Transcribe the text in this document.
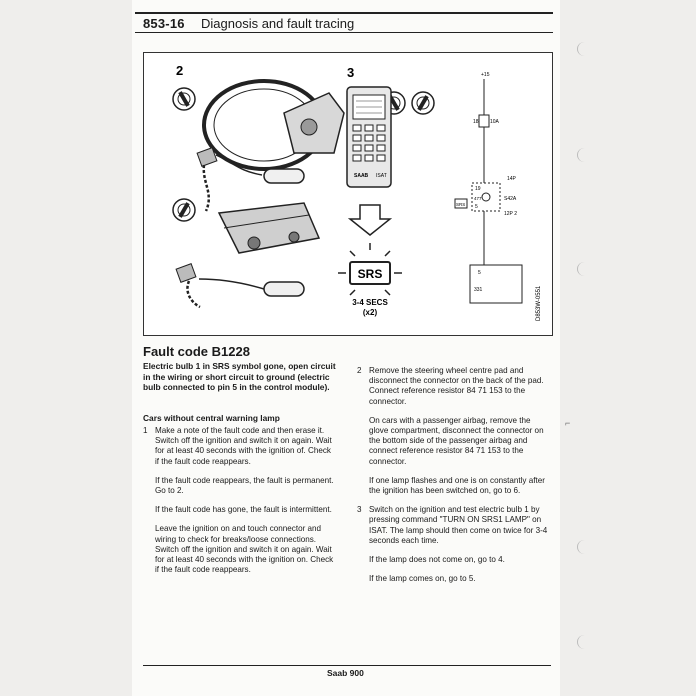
853-16 Diagnosis and fault tracing
2	3
SAAB ISAT
SRS
3-4 SECS
(x2)
+15
18 10A
14P
19
477	S42A
5
12P 2
SRS
5
331	D853W-0551
Fault code B1228
Electric bulb 1 in SRS symbol gone, open circuit in the wiring or short circuit to ground (electric bulb connected to pin 5 in the control module).
Cars without central warning lamp
1 Make a note of the fault code and then erase it. Switch off the ignition and switch it on again. Wait for at least 40 seconds with the ignition of. Check if the fault code reappears.
If the fault code reappears, the fault is permanent. Go to 2.
If the fault code has gone, the fault is intermittent.
Leave the ignition on and touch connector and wiring to check for breaks/loose connections. Switch off the ignition and switch it on again. Wait for at least 40 seconds with the ignition on. Check if the fault code reappears.
2 Remove the steering wheel centre pad and disconnect the connector on the back of the pad. Connect reference resistor 84 71 153 to the connector.
On cars with a passenger airbag, remove the glove compartment, disconnect the connector on the bottom side of the passenger airbag and connect reference resistor 84 71 153 to the connector.
If one lamp flashes and one is on constantly after the ignition has been switched on, go to 6.
3 Switch on the ignition and test electric bulb 1 by pressing command "TURN ON SRS1 LAMP" on ISAT. The lamp should then come on twice for 3-4 seconds each time.
If the lamp does not come on, go to 4.
If the lamp comes on, go to 5.
⌐
Saab 900
